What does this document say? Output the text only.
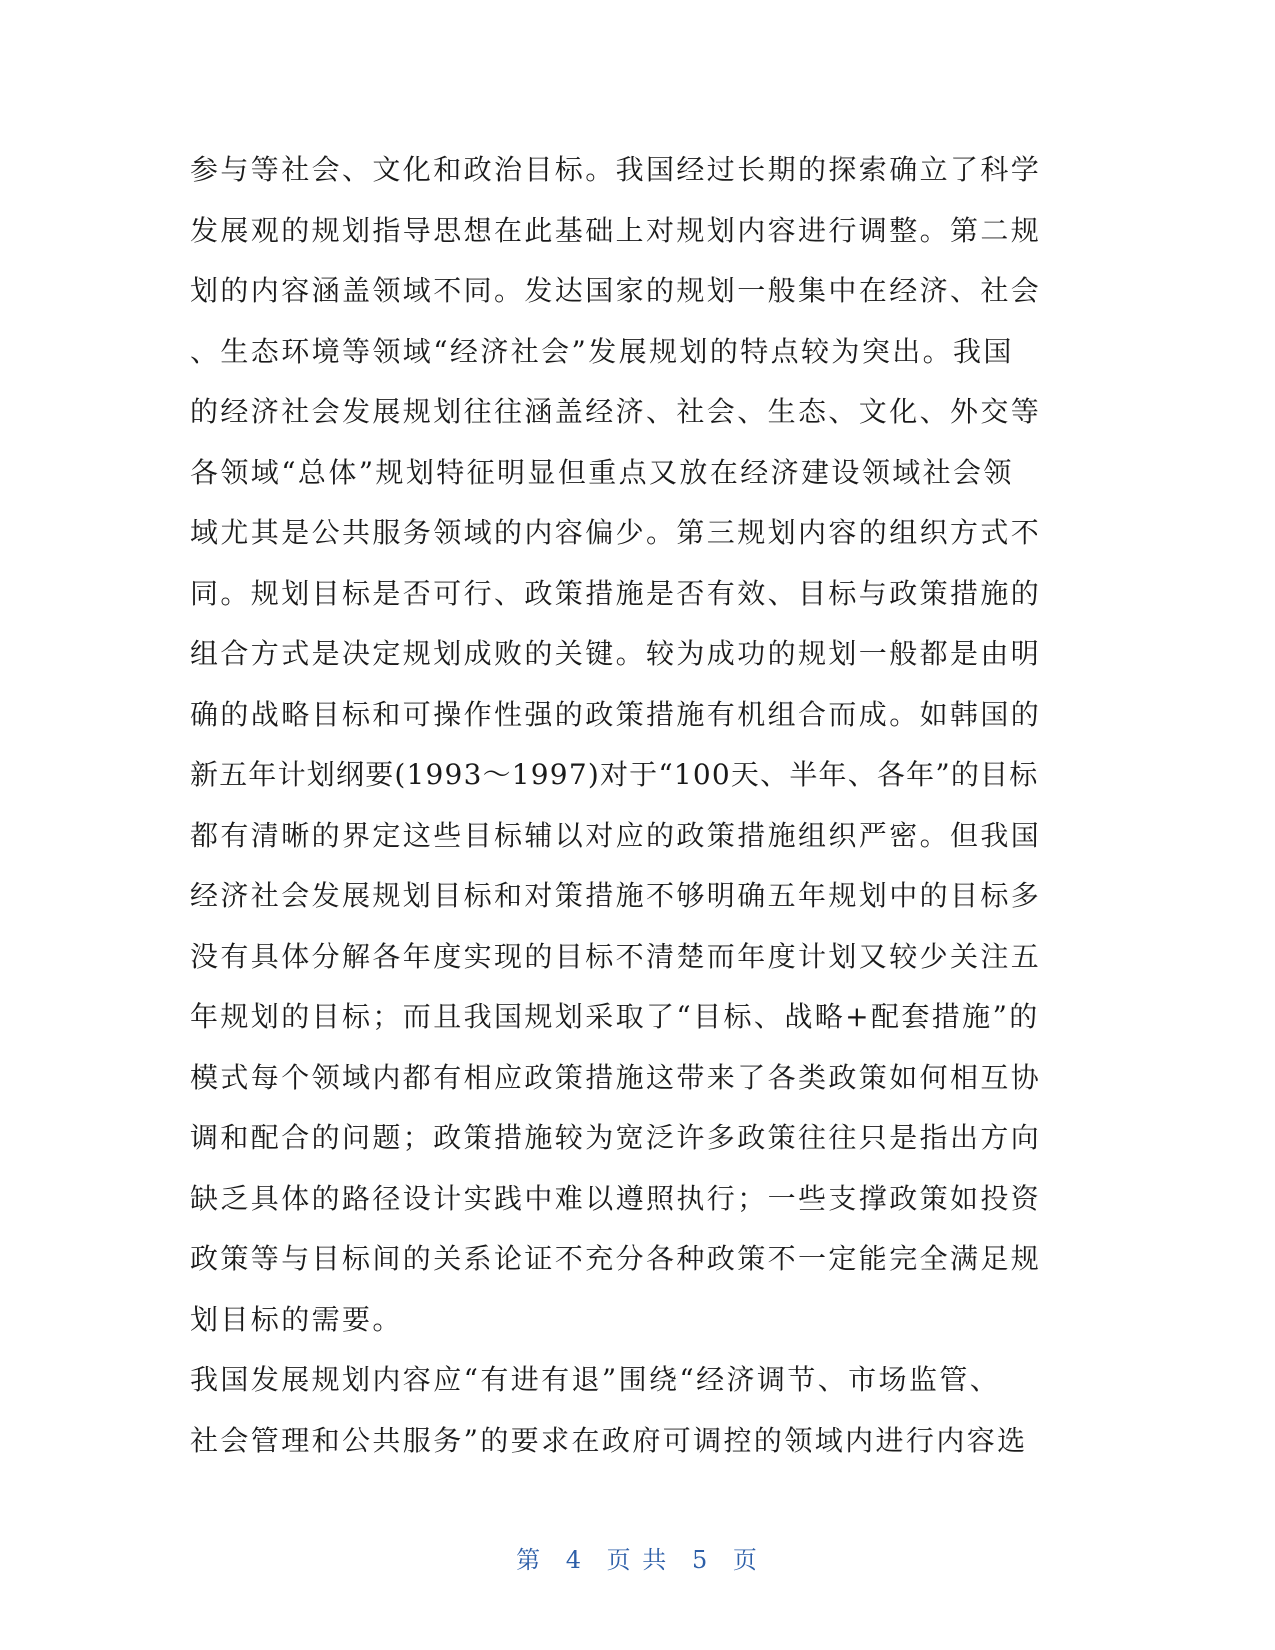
参与等社会、文化和政治目标。我国经过长期的探索确立了科学
发展观的规划指导思想在此基础上对规划内容进行调整。第二规
划的内容涵盖领域不同。发达国家的规划一般集中在经济、社会
、生态环境等领域“经济社会”发展规划的特点较为突出。我国
的经济社会发展规划往往涵盖经济、社会、生态、文化、外交等
各领域“总体”规划特征明显但重点又放在经济建设领域社会领
域尤其是公共服务领域的内容偏少。第三规划内容的组织方式不
同。规划目标是否可行、政策措施是否有效、目标与政策措施的
组合方式是决定规划成败的关键。较为成功的规划一般都是由明
确的战略目标和可操作性强的政策措施有机组合而成。如韩国的
新五年计划纲要(1993～1997)对于“100天、半年、各年”的目标
都有清晰的界定这些目标辅以对应的政策措施组织严密。但我国
经济社会发展规划目标和对策措施不够明确五年规划中的目标多
没有具体分解各年度实现的目标不清楚而年度计划又较少关注五
年规划的目标；而且我国规划采取了“目标、战略+配套措施”的
模式每个领域内都有相应政策措施这带来了各类政策如何相互协
调和配合的问题；政策措施较为宽泛许多政策往往只是指出方向
缺乏具体的路径设计实践中难以遵照执行；一些支撑政策如投资
政策等与目标间的关系论证不充分各种政策不一定能完全满足规
划目标的需要。
我国发展规划内容应“有进有退”围绕“经济调节、市场监管、
社会管理和公共服务”的要求在政府可调控的领域内进行内容选
第 4 页 共 5 页
